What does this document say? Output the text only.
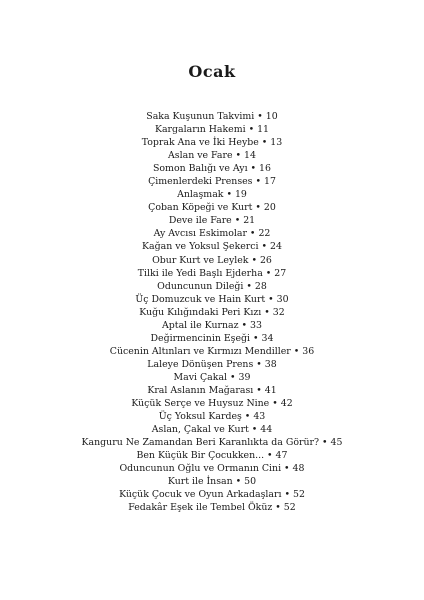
Ocak
Saka Kuşunun Takvimi • 10
Kargaların Hakemi • 11
Toprak Ana ve İki Heybe • 13
Aslan ve Fare • 14
Somon Balığı ve Ayı • 16
Çimenlerdeki Prenses • 17
Anlaşmak • 19
Çoban Köpeği ve Kurt • 20
Deve ile Fare • 21
Ay Avcısı Eskimolar • 22
Kağan ve Yoksul Şekerci • 24
Obur Kurt ve Leylek • 26
Tilki ile Yedi Başlı Ejderha • 27
Oduncunun Dileği • 28
Üç Domuzcuk ve Hain Kurt • 30
Kuğu Kılığındaki Peri Kızı • 32
Aptal ile Kurnaz • 33
Değirmencinin Eşeği • 34
Cücenin Altınları ve Kırmızı Mendiller • 36
Laleye Dönüşen Prens • 38
Mavi Çakal • 39
Kral Aslanın Mağarası • 41
Küçük Serçe ve Huysuz Nine • 42
Üç Yoksul Kardeş • 43
Aslan, Çakal ve Kurt • 44
Kanguru Ne Zamandan Beri Karanlıkta da Görür? • 45
Ben Küçük Bir Çocukken... • 47
Oduncunun Oğlu ve Ormanın Cini • 48
Kurt ile İnsan • 50
Küçük Çocuk ve Oyun Arkadaşları • 52
Fedakâr Eşek ile Tembel Öküz • 52
